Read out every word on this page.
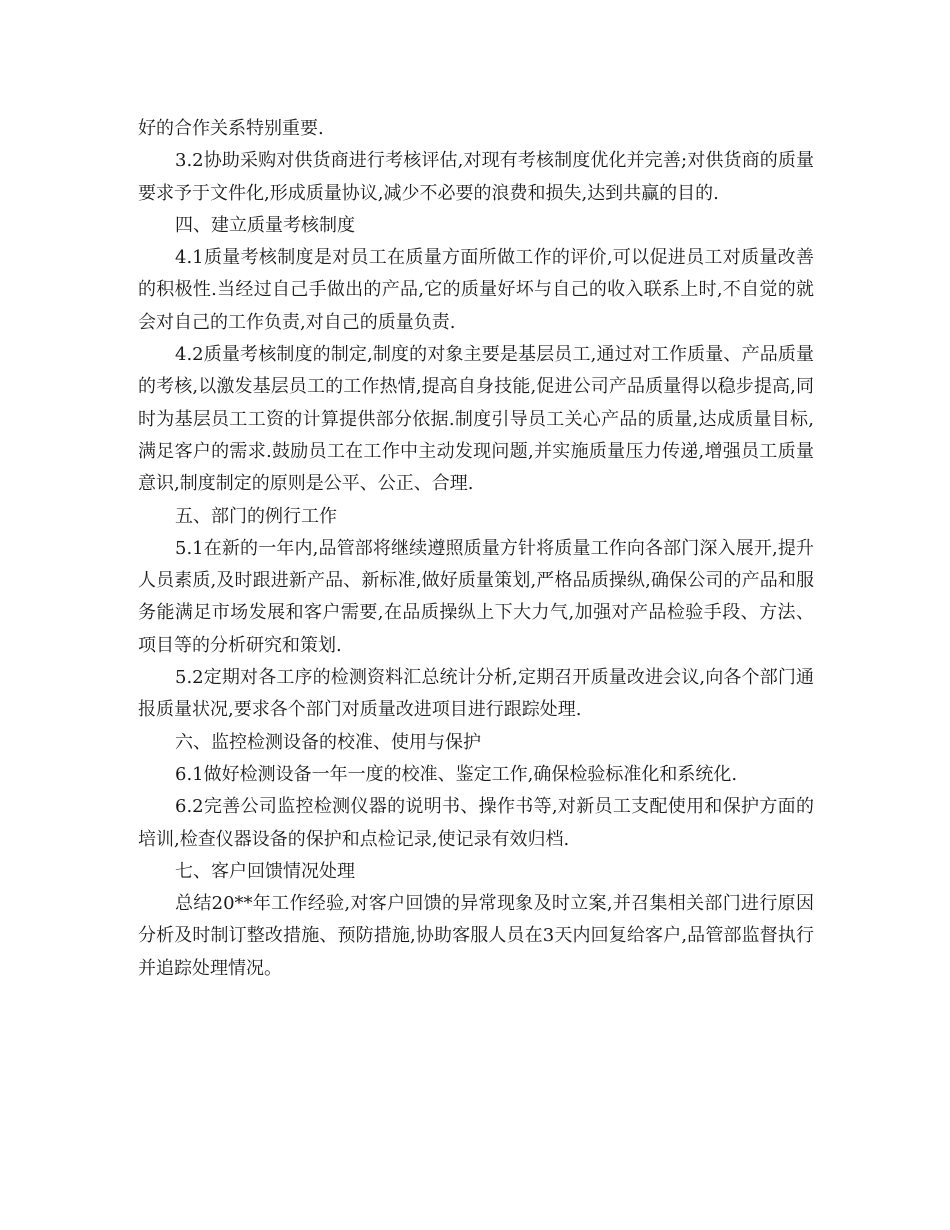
好的合作关系特别重要.

3.2协助采购对供货商进行考核评估,对现有考核制度优化并完善;对供货商的质量要求予于文件化,形成质量协议,减少不必要的浪费和损失,达到共赢的目的.

四、建立质量考核制度

4.1质量考核制度是对员工在质量方面所做工作的评价,可以促进员工对质量改善的积极性.当经过自己手做出的产品,它的质量好坏与自己的收入联系上时,不自觉的就会对自己的工作负责,对自己的质量负责.

4.2质量考核制度的制定,制度的对象主要是基层员工,通过对工作质量、产品质量的考核,以激发基层员工的工作热情,提高自身技能,促进公司产品质量得以稳步提高,同时为基层员工工资的计算提供部分依据.制度引导员工关心产品的质量,达成质量目标,满足客户的需求.鼓励员工在工作中主动发现问题,并实施质量压力传递,增强员工质量意识,制度制定的原则是公平、公正、合理.

五、部门的例行工作

5.1在新的一年内,品管部将继续遵照质量方针将质量工作向各部门深入展开,提升人员素质,及时跟进新产品、新标准,做好质量策划,严格品质操纵,确保公司的产品和服务能满足市场发展和客户需要,在品质操纵上下大力气,加强对产品检验手段、方法、项目等的分析研究和策划.

5.2定期对各工序的检测资料汇总统计分析,定期召开质量改进会议,向各个部门通报质量状况,要求各个部门对质量改进项目进行跟踪处理.

六、监控检测设备的校准、使用与保护

6.1做好检测设备一年一度的校准、鉴定工作,确保检验标准化和系统化.

6.2完善公司监控检测仪器的说明书、操作书等,对新员工支配使用和保护方面的培训,检查仪器设备的保护和点检记录,使记录有效归档.

七、客户回馈情况处理

总结20**年工作经验,对客户回馈的异常现象及时立案,并召集相关部门进行原因分析及时制订整改措施、预防措施,协助客服人员在3天内回复给客户,品管部监督执行并追踪处理情况。
